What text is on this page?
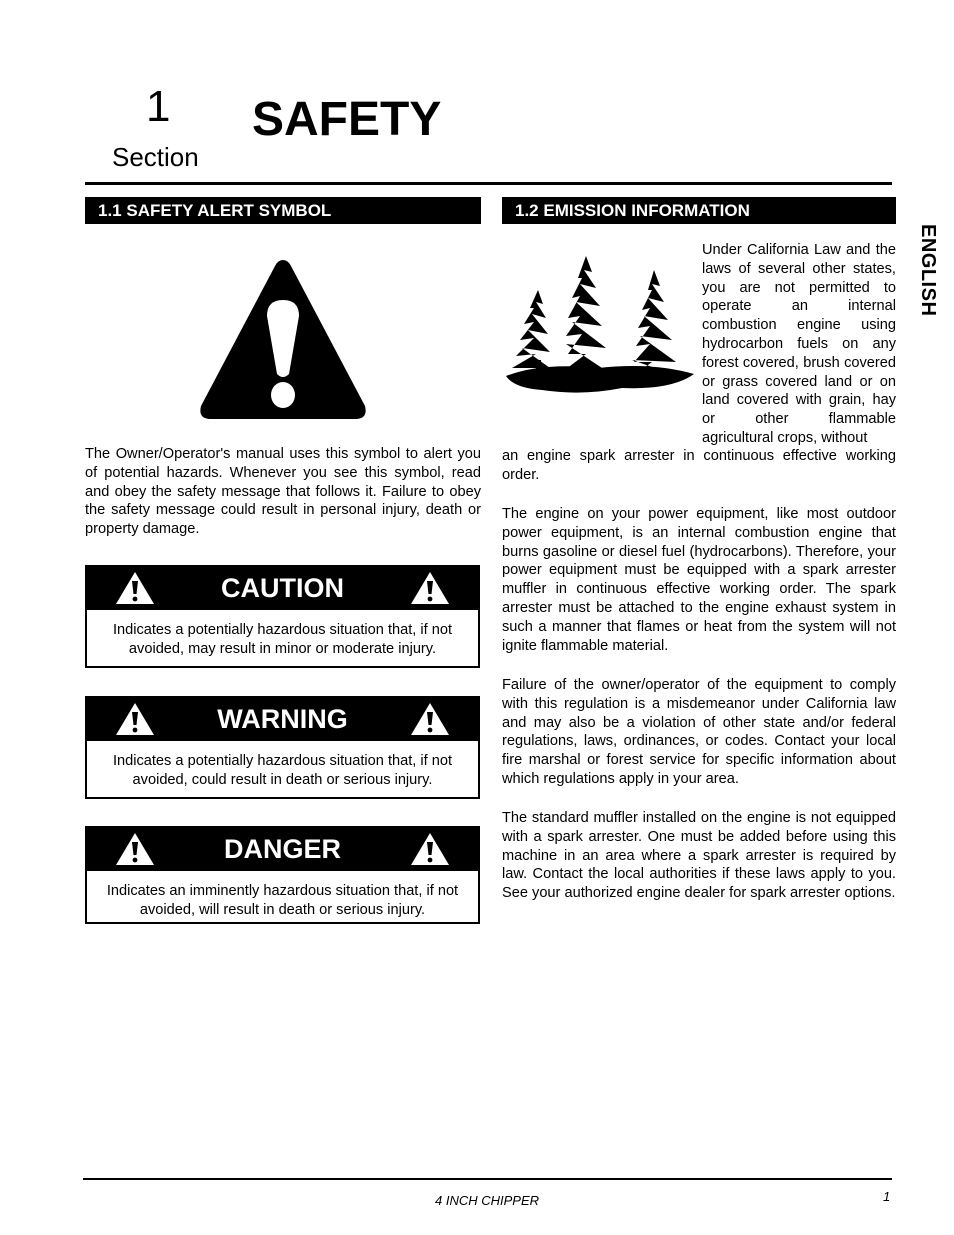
1
Section
SAFETY
ENGLISH
1.1 SAFETY ALERT SYMBOL
The Owner/Operator's manual uses this symbol to alert you of potential hazards. Whenever you see this symbol, read and obey the safety message that follows it. Failure to obey the safety message could result in personal injury, death or property damage.
CAUTION
Indicates a potentially hazardous situation that, if not avoided, may result in minor or moderate injury.
WARNING
Indicates a potentially hazardous situation that, if not avoided, could result in death or serious injury.
DANGER
Indicates an imminently hazardous situation that, if not avoided, will result in death or serious injury.
1.2 EMISSION INFORMATION
Under California Law and the laws of several other states, you are not permitted to operate an internal combustion engine using hydrocarbon fuels on any forest covered, brush covered or grass covered land or on land covered with grain, hay or other flammable agricultural crops, without
an engine spark arrester in continuous effective working order.
The engine on your power equipment, like most outdoor power equipment, is an internal combustion engine that burns gasoline or diesel fuel (hydrocarbons). Therefore, your power equipment must be equipped with a spark arrester muffler in continuous effective working order. The spark arrester must be attached to the engine exhaust system in such a manner that flames or heat from the system will not ignite flammable material.
Failure of the owner/operator of the equipment to comply with this regulation is a misdemeanor under California law and may also be a violation of other state and/or federal regulations, laws, ordinances, or codes. Contact your local fire marshal or forest service for specific information about which regulations apply in your area.
The standard muffler installed on the engine is not equipped with a spark arrester. One must be added before using this machine in an area where a spark arrester is required by law. Contact the local authorities if these laws apply to you. See your authorized engine dealer for spark arrester options.
4 INCH CHIPPER	1
